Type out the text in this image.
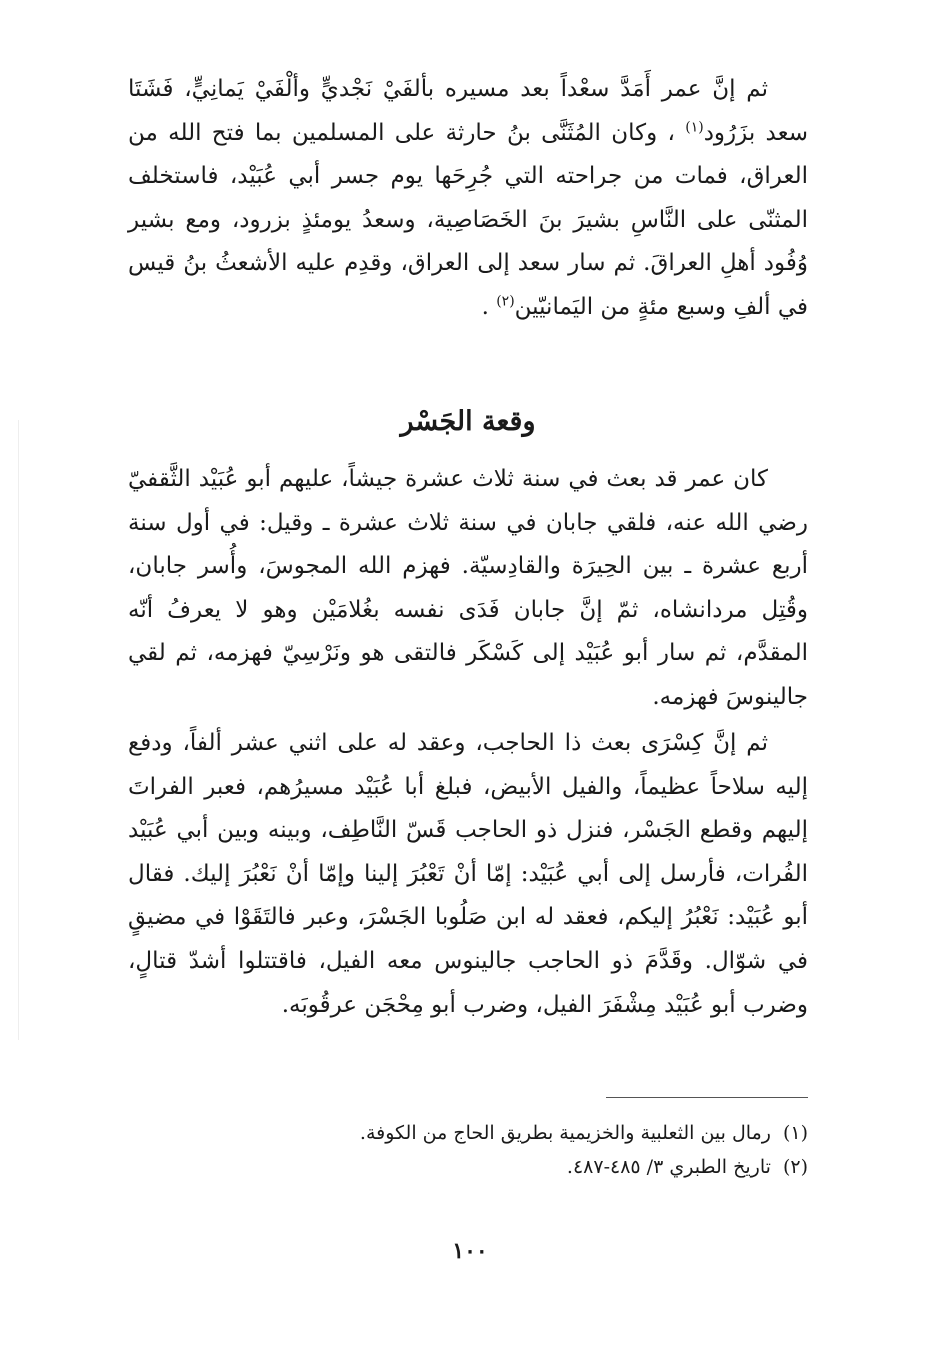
ثم إنَّ عمر أَمَدَّ سعْداً بعد مسيره بألفَيْ نَجْديٍّ وألْفَيْ يَمانِيٍّ، فَشَتَا سعد بزَرُود$^{(١)}$ ، وكان المُثَنَّى بنُ حارثة على المسلمين بما فتح الله من العراق، فمات من جراحته التي جُرِحَها يوم جسر أبي عُبَيْد، فاستخلف المثنّى على النَّاسِ بشيرَ بنَ الخَصَاصِية، وسعدُ يومئذٍ بزرود، ومع بشير وُفُود أهلِ العراقَ. ثم سار سعد إلى العراق، وقدِم عليه الأشعثُ بنُ قيس في ألفِ وسبع مئةٍ من اليَمانيّين$^{(٢)}$ .

وقعة الجَسْر

كان عمر قد بعث في سنة ثلاث عشرة جيشاً، عليهم أبو عُبَيْد الثَّقفيّ رضي الله عنه، فلقي جابان في سنة ثلاث عشرة ـ وقيل: في أول سنة أربع عشرة ـ بين الحِيرَة والقادِسيّة. فهزم الله المجوسَ، وأُسر جابان، وقُتِل مردانشاه، ثمّ إنَّ جابان فَدَى نفسه بغُلامَيْن وهو لا يعرفُ أنّه المقدَّم، ثم سار أبو عُبَيْد إلى كَسْكَر فالتقى هو ونَرْسِيّ فهزمه، ثم لقي جالينوسَ فهزمه.

ثم إنَّ كِسْرَى بعث ذا الحاجب، وعقد له على اثني عشر ألفاً، ودفع إليه سلاحاً عظيماً، والفيل الأبيض، فبلغ أبا عُبَيْد مسيرُهم، فعبر الفراتَ إليهم وقطع الجَسْر، فنزل ذو الحاجب قَسّ النَّاطِف، وبينه وبين أبي عُبَيْد الفُرات، فأرسل إلى أبي عُبَيْد: إمّا أنْ تَعْبُرَ إلينا وإمّا أنْ نَعْبُرَ إليك. فقال أبو عُبَيْد: نَعْبُرُ إليكم، فعقد له ابن صَلُوبا الجَسْرَ، وعبر فالتَقَوْا في مضيقٍ في شوّال. وقَدَّمَ ذو الحاجب جالينوس معه الفيل، فاقتتلوا أشدّ قتالٍ، وضرب أبو عُبَيْد مِشْفَرَ الفيل، وضرب أبو مِحْجَن عرقُوبَه.

(١)رمال بين الثعلبية والخزيمية بطريق الحاج من الكوفة.
(٢)تاريخ الطبري ٣/ ٤٨٥-٤٨٧.
١٠٠
